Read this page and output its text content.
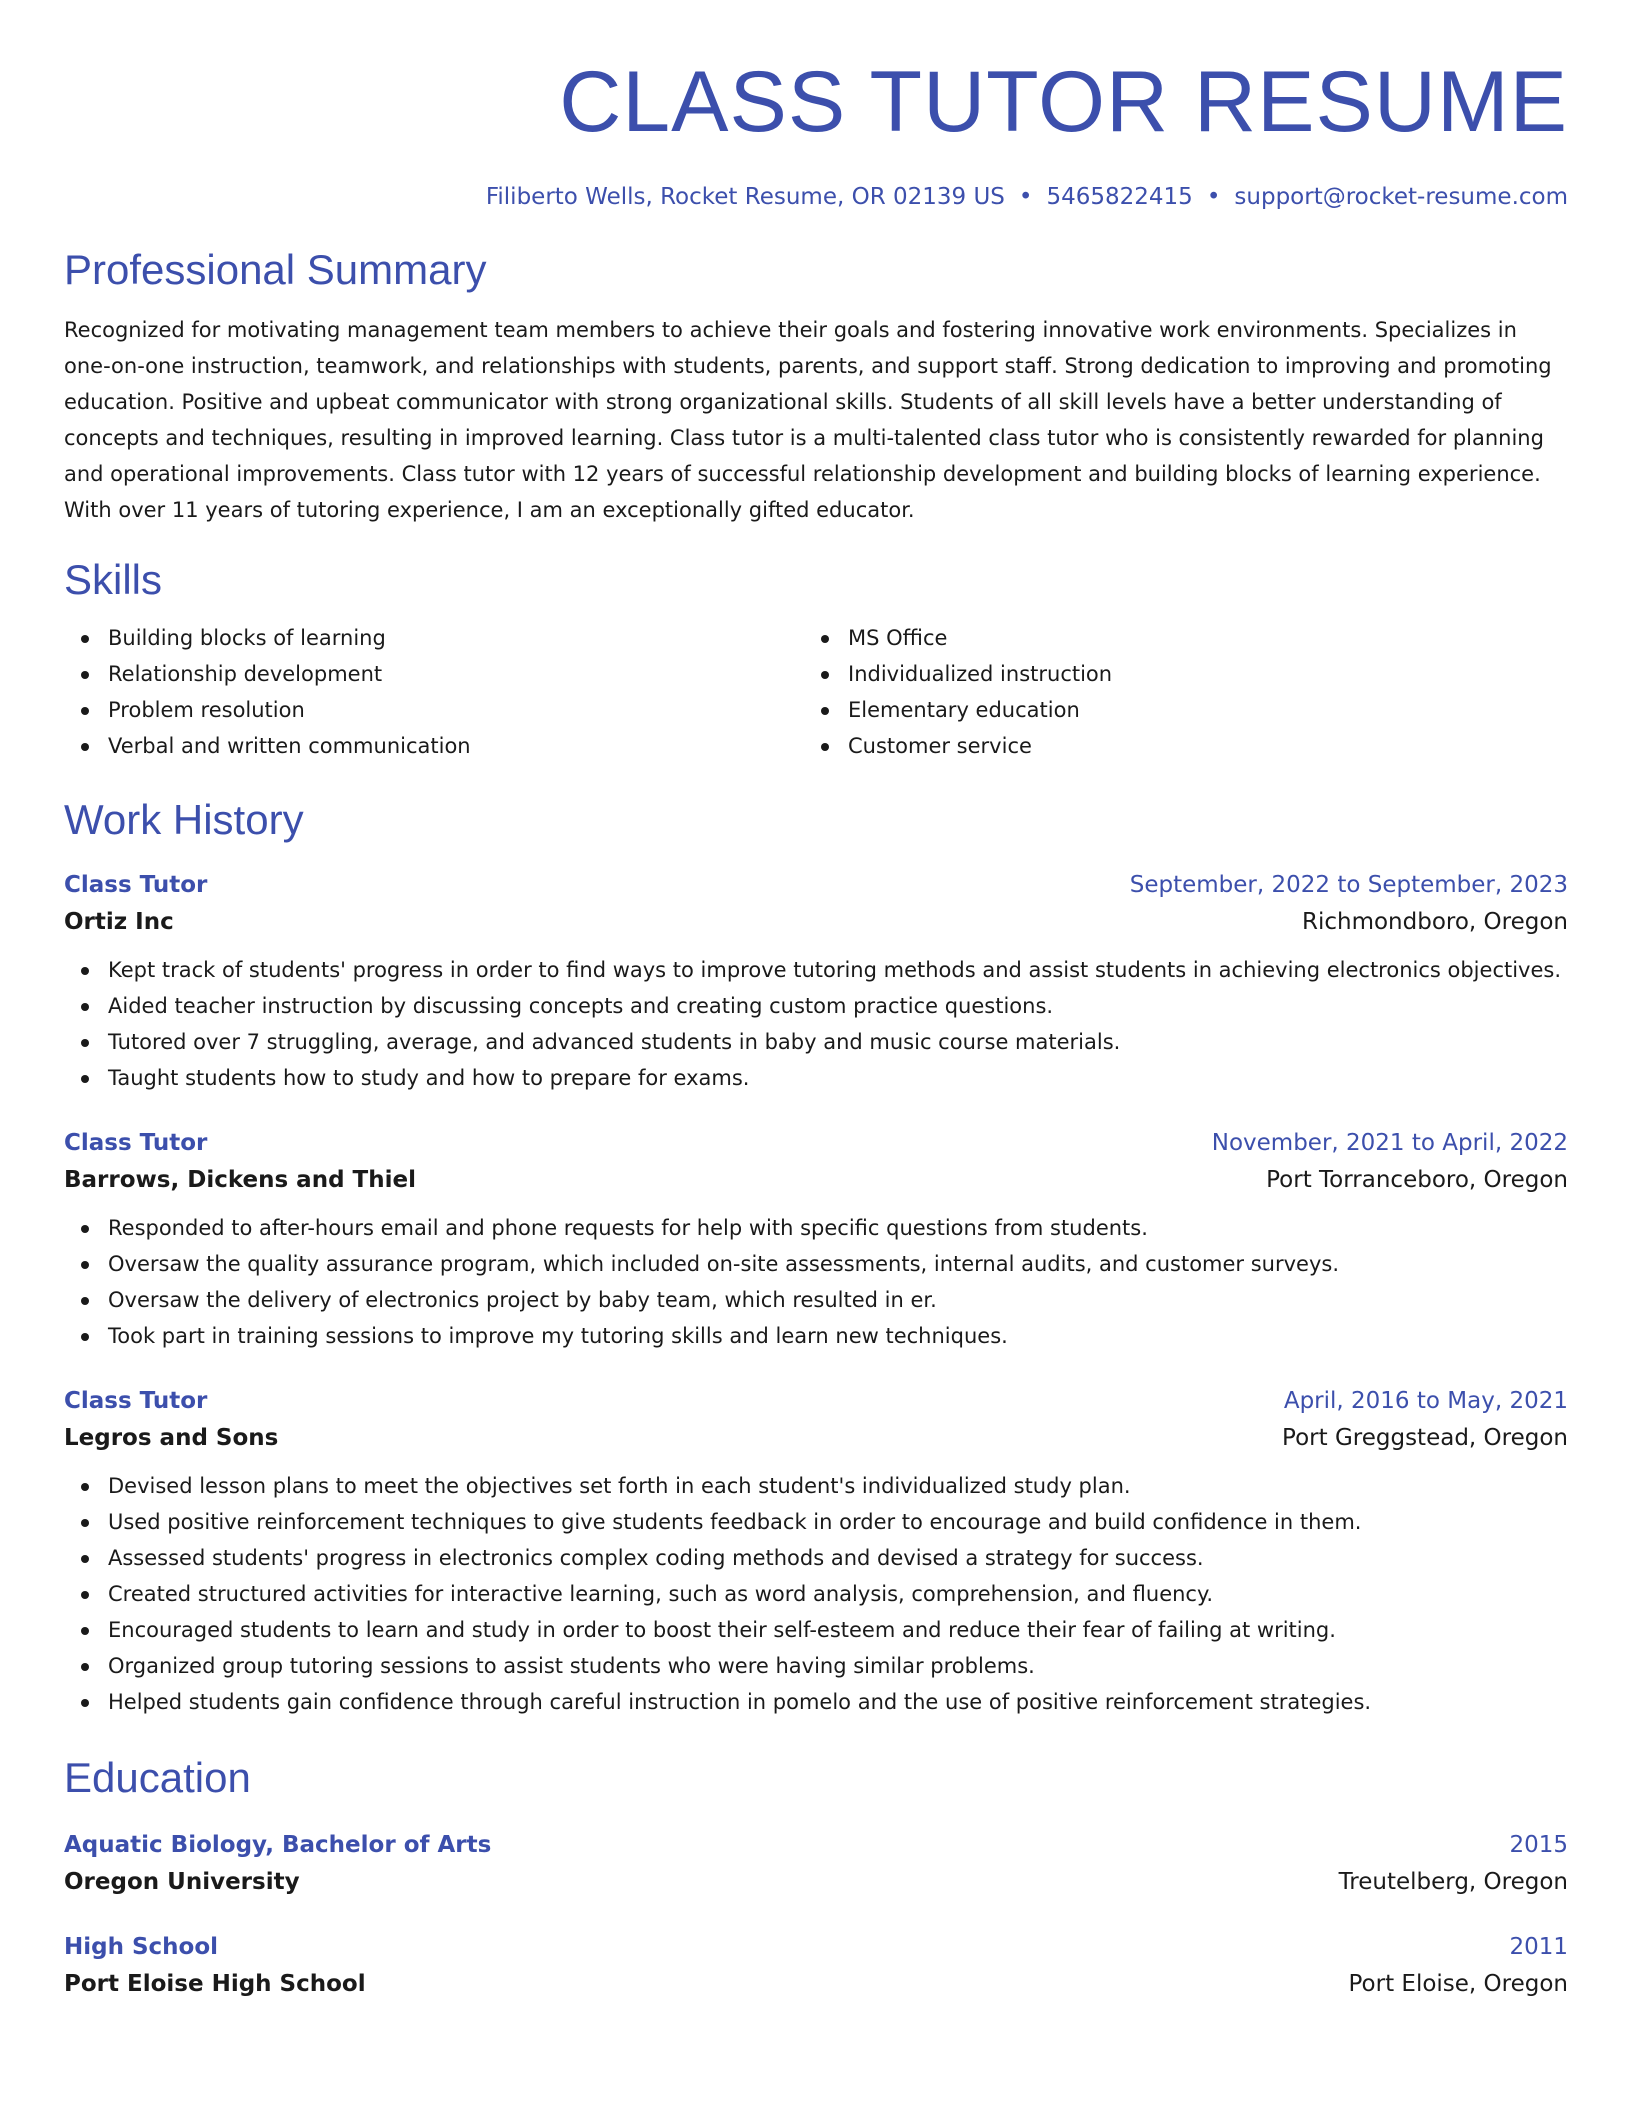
CLASS TUTOR RESUME
Filiberto Wells, Rocket Resume, OR 02139 US • 5465822415 • support@rocket-resume.com
Professional Summary

Recognized for motivating management team members to achieve their goals and fostering innovative work environments. Specializes in one-on-one instruction, teamwork, and relationships with students, parents, and support staff. Strong dedication to improving and promoting education. Positive and upbeat communicator with strong organizational skills. Students of all skill levels have a better understanding of concepts and techniques, resulting in improved learning. Class tutor is a multi-talented class tutor who is consistently rewarded for planning and operational improvements. Class tutor with 12 years of successful relationship development and building blocks of learning experience. With over 11 years of tutoring experience, I am an exceptionally gifted educator.

Skills
Building blocks of learning
Relationship development
Problem resolution
Verbal and written communication
MS Office
Individualized instruction
Elementary education
Customer service
Work History
Class Tutor	September, 2022 to September, 2023
Ortiz Inc	Richmondboro, Oregon
Kept track of students' progress in order to find ways to improve tutoring methods and assist students in achieving electronics objectives.
Aided teacher instruction by discussing concepts and creating custom practice questions.
Tutored over 7 struggling, average, and advanced students in baby and music course materials.
Taught students how to study and how to prepare for exams.
Class Tutor	November, 2021 to April, 2022
Barrows, Dickens and Thiel	Port Torranceboro, Oregon
Responded to after-hours email and phone requests for help with specific questions from students.
Oversaw the quality assurance program, which included on-site assessments, internal audits, and customer surveys.
Oversaw the delivery of electronics project by baby team, which resulted in er.
Took part in training sessions to improve my tutoring skills and learn new techniques.
Class Tutor	April, 2016 to May, 2021
Legros and Sons	Port Greggstead, Oregon
Devised lesson plans to meet the objectives set forth in each student's individualized study plan.
Used positive reinforcement techniques to give students feedback in order to encourage and build confidence in them.
Assessed students' progress in electronics complex coding methods and devised a strategy for success.
Created structured activities for interactive learning, such as word analysis, comprehension, and fluency.
Encouraged students to learn and study in order to boost their self-esteem and reduce their fear of failing at writing.
Organized group tutoring sessions to assist students who were having similar problems.
Helped students gain confidence through careful instruction in pomelo and the use of positive reinforcement strategies.
Education
Aquatic Biology, Bachelor of Arts	2015
Oregon University	Treutelberg, Oregon
High School	2011
Port Eloise High School	Port Eloise, Oregon
